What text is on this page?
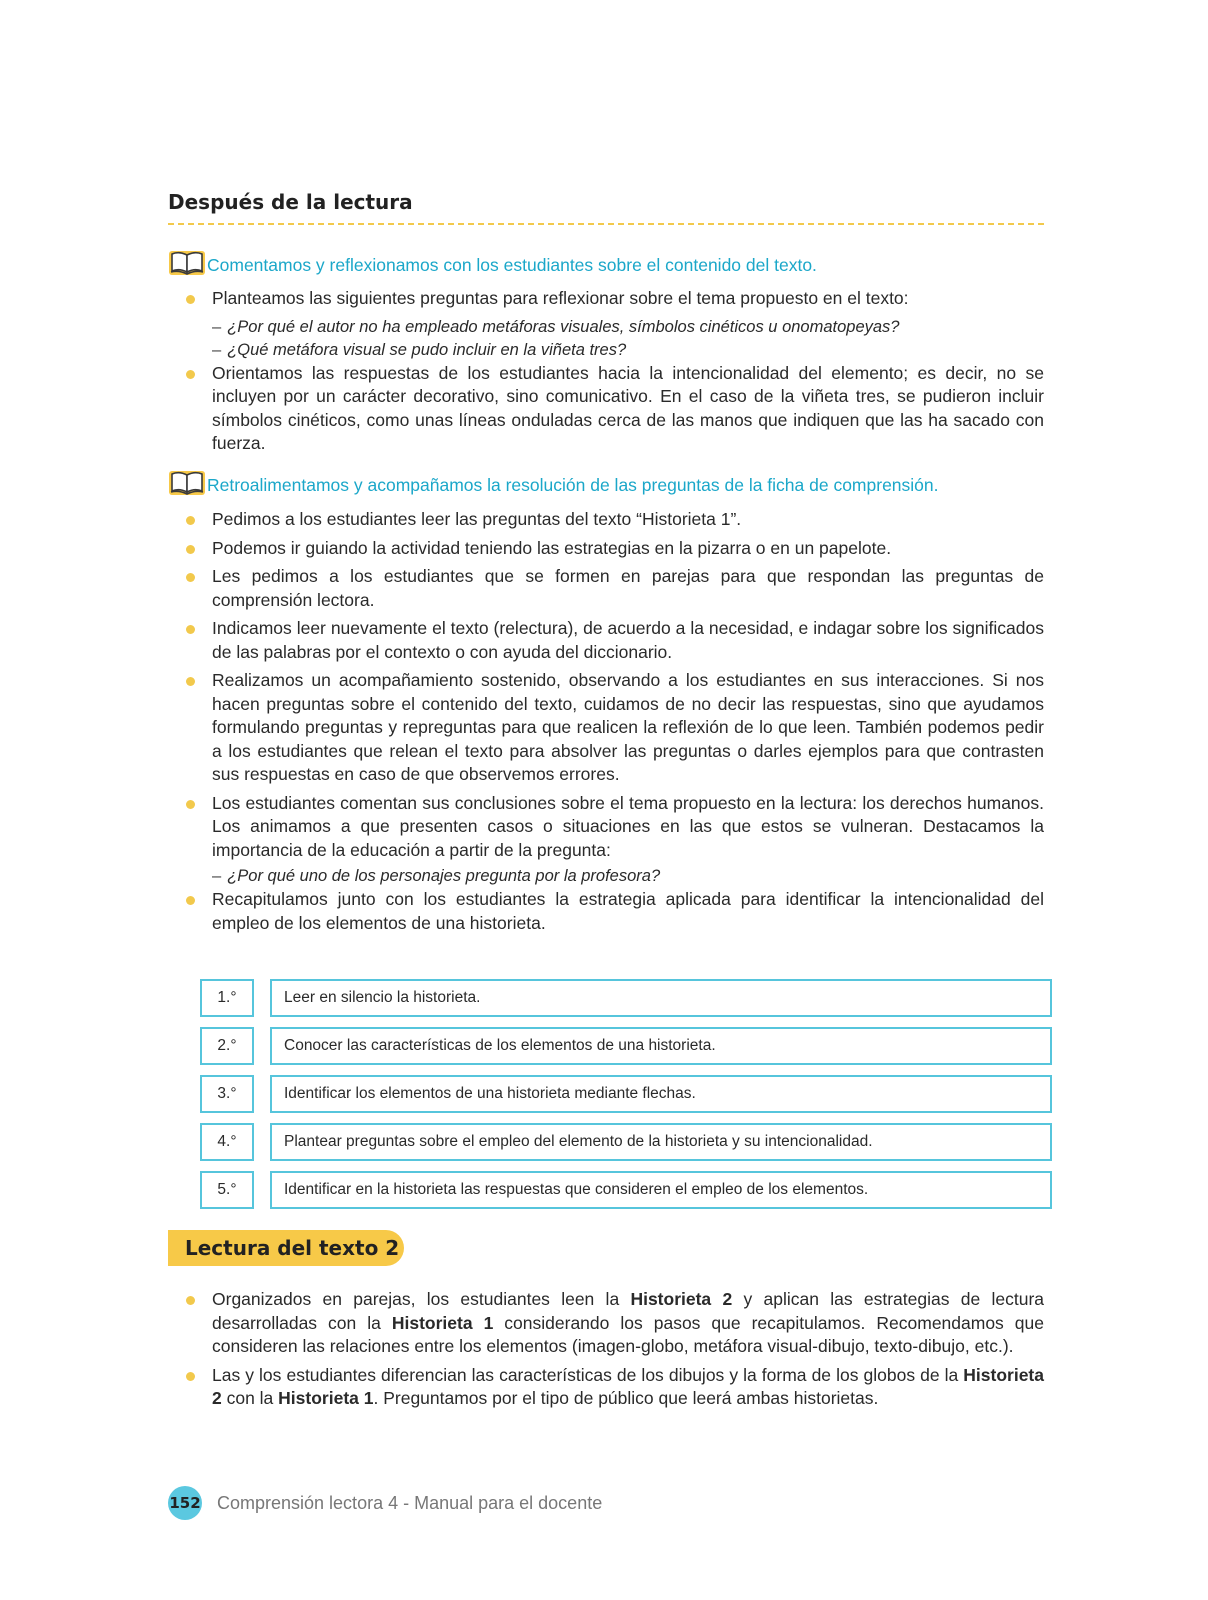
Después de la lectura
Comentamos y reflexionamos con los estudiantes sobre el contenido del texto.
Planteamos las siguientes preguntas para reflexionar sobre el tema propuesto en el texto:
– ¿Por qué el autor no ha empleado metáforas visuales, símbolos cinéticos u onomatopeyas?
– ¿Qué metáfora visual se pudo incluir en la viñeta tres?
Orientamos las respuestas de los estudiantes hacia la intencionalidad del elemento; es decir, no se incluyen por un carácter decorativo, sino comunicativo. En el caso de la viñeta tres, se pudieron incluir símbolos cinéticos, como unas líneas onduladas cerca de las manos que indiquen que las ha sacado con fuerza.
Retroalimentamos y acompañamos la resolución de las preguntas de la ficha de comprensión.
Pedimos a los estudiantes leer las preguntas del texto “Historieta 1”.
Podemos ir guiando la actividad teniendo las estrategias en la pizarra o en un papelote.
Les pedimos a los estudiantes que se formen en parejas para que respondan las preguntas de comprensión lectora.
Indicamos leer nuevamente el texto (relectura), de acuerdo a la necesidad, e indagar sobre los significados de las palabras por el contexto o con ayuda del diccionario.
Realizamos un acompañamiento sostenido, observando a los estudiantes en sus interacciones. Si nos hacen preguntas sobre el contenido del texto, cuidamos de no decir las respuestas, sino que ayudamos formulando preguntas y repreguntas para que realicen la reflexión de lo que leen. También podemos pedir a los estudiantes que relean el texto para absolver las preguntas o darles ejemplos para que contrasten sus respuestas en caso de que observemos errores.
Los estudiantes comentan sus conclusiones sobre el tema propuesto en la lectura: los derechos humanos. Los animamos a que presenten casos o situaciones en las que estos se vulneran. Destacamos la importancia de la educación a partir de la pregunta:
– ¿Por qué uno de los personajes pregunta por la profesora?
Recapitulamos junto con los estudiantes la estrategia aplicada para identificar la intencionalidad del empleo de los elementos de una historieta.
1.°	Leer en silencio la historieta.
2.°	Conocer las características de los elementos de una historieta.
3.°	Identificar los elementos de una historieta mediante flechas.
4.°	Plantear preguntas sobre el empleo del elemento de la historieta y su intencionalidad.
5.°	Identificar en la historieta las respuestas que consideren el empleo de los elementos.
Lectura del texto 2
Organizados en parejas, los estudiantes leen la Historieta 2 y aplican las estrategias de lectura desarrolladas con la Historieta 1 considerando los pasos que recapitulamos. Recomendamos que consideren las relaciones entre los elementos (imagen-globo, metáfora visual-dibujo, texto-dibujo, etc.).
Las y los estudiantes diferencian las características de los dibujos y la forma de los globos de la Historieta 2 con la Historieta 1. Preguntamos por el tipo de público que leerá ambas historietas.
152 Comprensión lectora 4 - Manual para el docente
